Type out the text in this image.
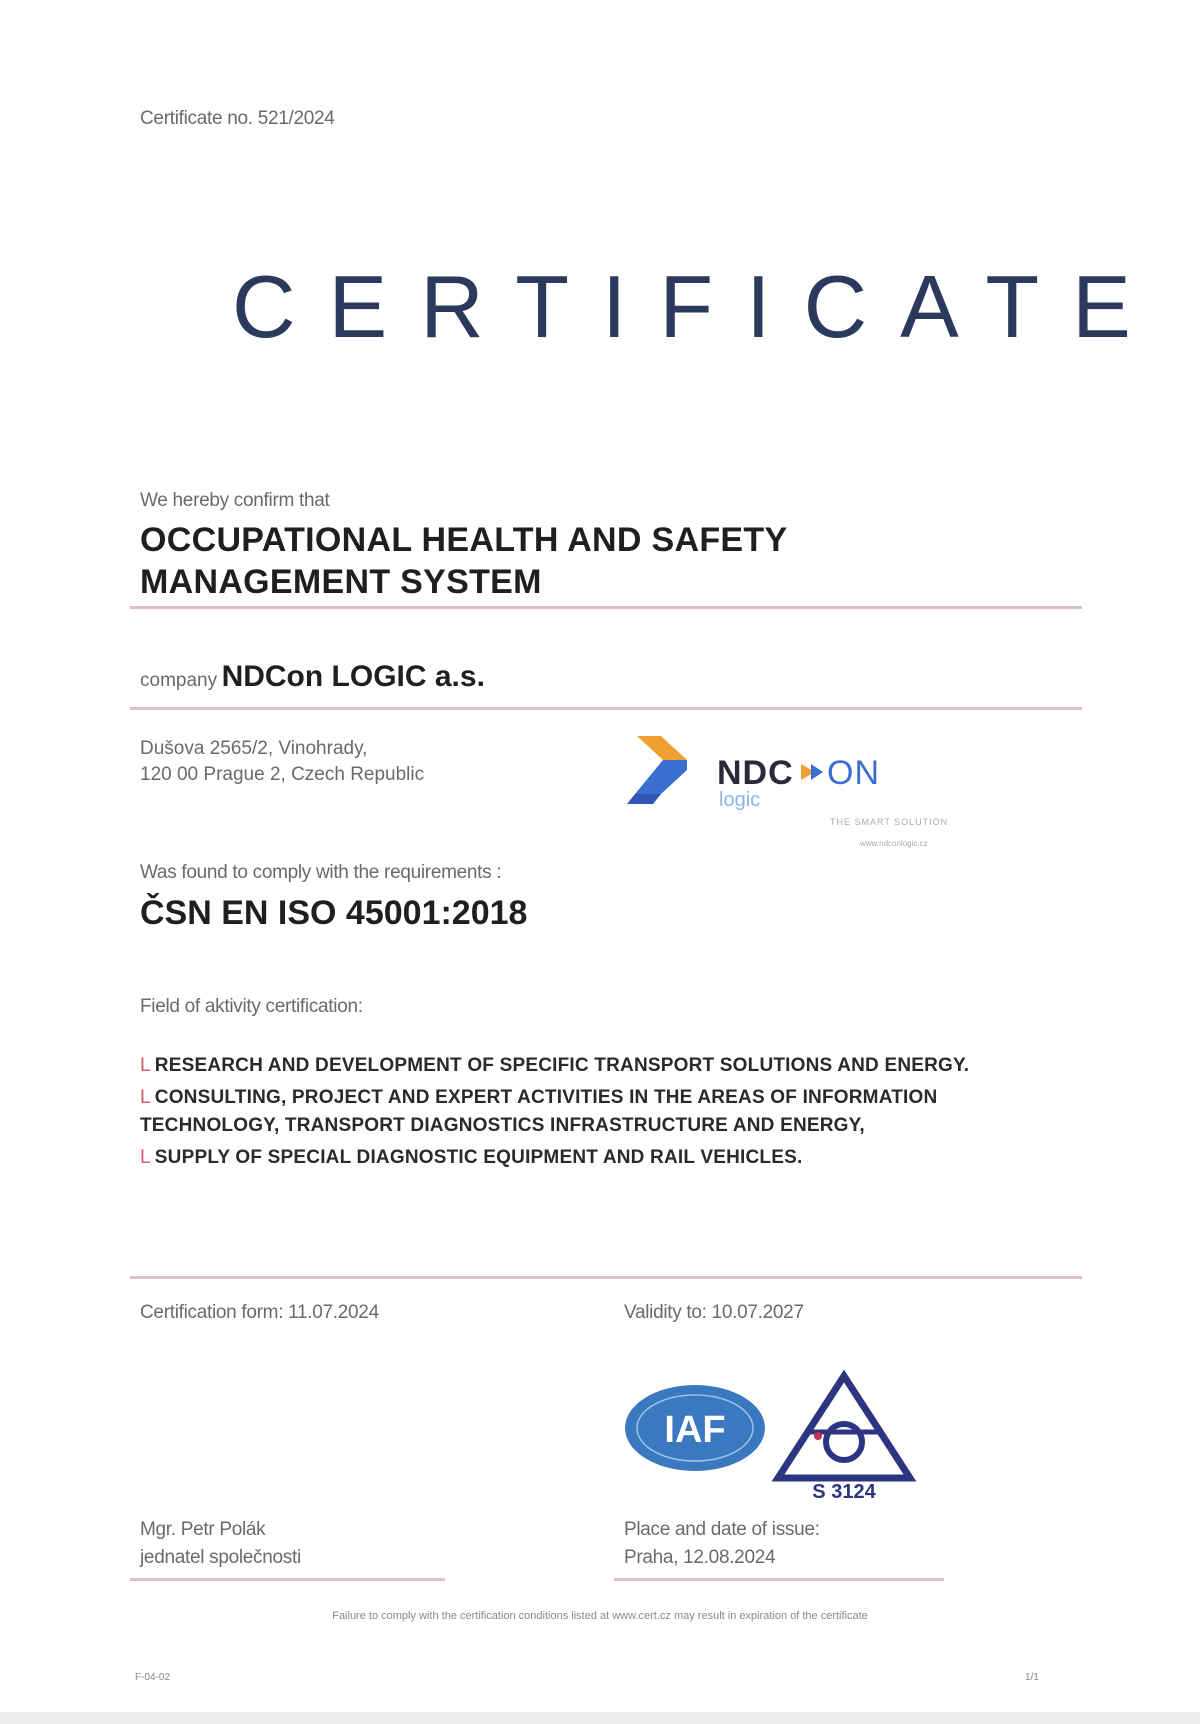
Certificate no. 521/2024
CERTIFICATE
We hereby confirm that
OCCUPATIONAL HEALTH AND SAFETY
MANAGEMENT SYSTEM
company NDCon LOGIC a.s.
Dušova 2565/2, Vinohrady,
120 00 Prague 2, Czech Republic	NDC ON
logic
THE SMART SOLUTION
www.ndconlogic.cz
Was found to comply with the requirements :
ČSN EN ISO 45001:2018
Field of aktivity certification:
L RESEARCH AND DEVELOPMENT OF SPECIFIC TRANSPORT SOLUTIONS AND ENERGY.
L CONSULTING, PROJECT AND EXPERT ACTIVITIES IN THE AREAS OF INFORMATION TECHNOLOGY, TRANSPORT DIAGNOSTICS INFRASTRUCTURE AND ENERGY,
L SUPPLY OF SPECIAL DIAGNOSTIC EQUIPMENT AND RAIL VEHICLES.
Certification form: 11.07.2024	Validity to: 10.07.2027
IAF
S 3124
Mgr. Petr Polák
jednatel společnosti
Place and date of issue:
Praha, 12.08.2024
Failure to comply with the certification conditions listed at www.cert.cz may result in expiration of the certificate
F-04-02	1/1
